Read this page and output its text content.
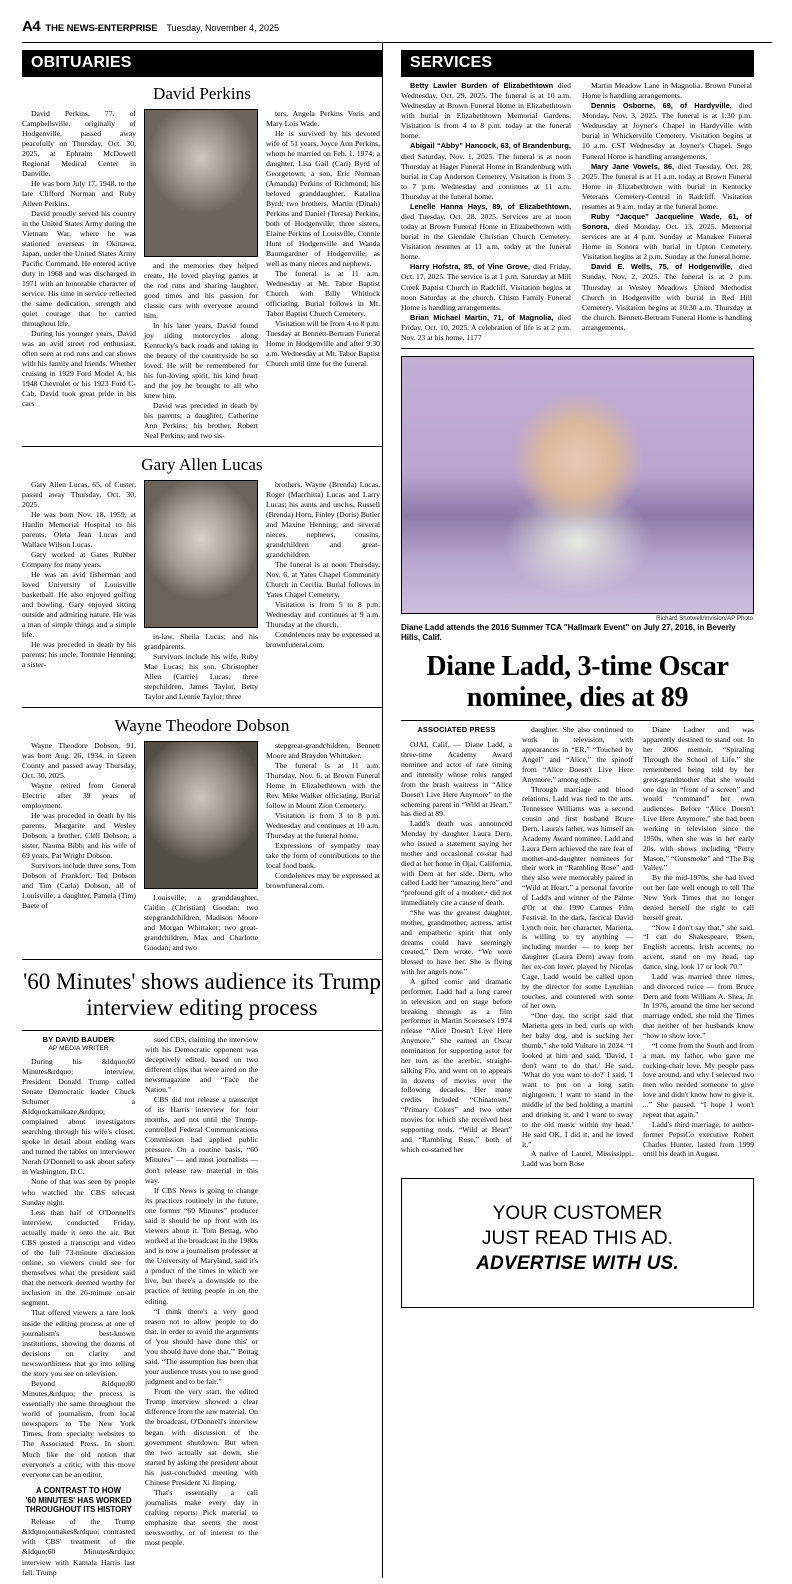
A4 THE NEWS-ENTERPRISE Tuesday, November 4, 2025
OBITUARIES
David Perkins

David Perkins, 77, of Campbellsville, originally of Hodgenville, passed away peacefully on Thursday, Oct. 30, 2025, at Ephraim McDowell Regional Medical Center in Danville.

He was born July 17, 1948, to the late Clifford Norman and Ruby Aileen Perkins.

David proudly served his country in the United States Army during the Vietnam War, where he was stationed overseas in Okinawa, Japan, under the United States Army Pacific Command. He entered active duty in 1968 and was discharged in 1971 with an honorable character of service. His time in service reflected the same dedication, strength and quiet courage that he carried throughout life.

During his younger years, David was an avid street rod enthusiast, often seen at rod runs and car shows with his family and friends. Whether cruising in 1929 Ford Model A, his 1948 Chevrolet or his 1923 Ford C-Cab, David took great pride in his cars

and the memories they helped create. He loved playing games at the rod runs and sharing laughter, good times and his passion for classic cars with everyone around him.

In his later years, David found joy riding motorcycles along Kentucky's back roads and taking in the beauty of the countryside he so loved. He will be remembered for his fun-loving spirit, his kind heart and the joy he brought to all who knew him.

David was preceded in death by his parents; a daughter, Catherine Ann Perkins; his brother, Robert Neal Perkins; and two sis-

ters, Angela Perkins Voris and Mary Lois Wade.

He is survived by his devoted wife of 51 years, Joyce Ann Perkins, whom he married on Feb. 1, 1974; a daughter, Lisa Gail (Carl) Byrd of Georgetown; a son, Eric Norman (Amanda) Perkins of Richmond; his beloved granddaughter, Katalina Byrd; two brothers, Martin (Dinah) Perkins and Daniel (Teresa) Perkins, both of Hodgenville; three sisters, Elaine Perkins of Louisville, Connie Hunt of Hodgenville and Wanda Baumgardner of Hodgenville; as well as many nieces and nephews.

The funeral is at 11 a.m. Wednesday at Mt. Tabor Baptist Church with Billy Whitlock officiating. Burial follows in Mt. Tabor Baptist Church Cemetery.

Visitation will be from 4 to 8 p.m. Tuesday at Bennett-Bertram Funeral Home in Hodgenville and after 9:30 a.m. Wednesday at Mt. Tabor Baptist Church until time for the funeral.

Gary Allen Lucas

Gary Allen Lucas, 65, of Custer, passed away Thursday, Oct. 30, 2025.

He was born Nov. 18, 1959, at Hardin Memorial Hospital to his parents, Oleta Jean Lucas and Wallace Wilson Lucas.

Gary worked at Gates Rubber Company for many years.

He was an avid fisherman and loved University of Louisville basketball. He also enjoyed golfing and bowling. Gary enjoyed sitting outside and admiring nature. He was a man of simple things and a simple life.

He was preceded in death by his parents; his uncle, Tommie Henning; a sister-

in-law, Sheila Lucas; and his grandparents.

Survivors include his wife, Ruby Mae Lucas; his son, Christopher Allen (Carrie) Lucas; three stepchildren, James Taylor, Betty Taylor and Lennie Taylor; three

brothers, Wayne (Brenda) Lucas, Roger (Marchitta) Lucas and Larry Lucas; his aunts and uncles, Russell (Brenda) Horn, Finley (Doris) Butler and Maxine Henning; and several nieces, nephews, cousins, grandchildren and great-grandchildren.

The funeral is at noon Thursday, Nov. 6, at Yates Chapel Community Church in Cecilia. Burial follows in Yates Chapel Cemetery.

Visitation is from 5 to 8 p.m. Wednesday and continues at 9 a.m. Thursday at the church.

Condolences may be expressed at brownfuneral.com.

Wayne Theodore Dobson

Wayne Theodore Dobson, 91, was born Aug. 26, 1934, in Green County and passed away Thursday, Oct. 30, 2025.

Wayne retired from General Electric after 39 years of employment.

He was preceded in death by his parents, Margarite and Wesley Dobson; a brother, Clell Dobson; a sister, Naoma Bibb; and his wife of 69 years, Pat Wright Dobson.

Survivors include three sons, Tom Dobson of Frankfort, Ted Dobson and Tim (Carla) Dobson, all of Louisville; a daughter, Pamela (Tim) Baete of

Louisville; a granddaughter, Caitlin (Christian) Goodan; two stepgrandchildren, Madison Moore and Morgan Whittaker; two great-grandchildren, Max and Charlotte Goodan; and two

stepgreat-grandchildren, Bennett Moore and Brayden Whittaker.

The funeral is at 11 a.m. Thursday, Nov. 6, at Brown Funeral Home in Elizabethtown with the Rev. Mike Walker officiating. Burial follow in Mount Zion Cemetery.

Visitation is from 3 to 8 p.m. Wednesday and continues at 10 a.m. Thursday at the funeral home.

Expressions of sympathy may take the form of contributions to the local food bank.

Condolences may be expressed at brownfuneral.com.

'60 Minutes' shows audience its Trump interview editing process
BY DAVID BAUDER
AP MEDIA WRITER

During his &ldquo;60 Minutes&rdquo; interview, President Donald Trump called Senate Democratic leader Chuck Schumer a &ldquo;kamikaze,&rdquo; complained about investigators searching through his wife's closet, spoke in detail about ending wars and turned the tables on interviewer Norah O'Donnell to ask about safety in Washington, D.C.

None of that was seen by people who watched the CBS telecast Sunday night.

Less than half of O'Donnell's interview, conducted Friday, actually made it onto the air. But CBS posted a transcript and video of the full 73-minute discussion online, so viewers could see for themselves what the president said that the network deemed worthy for inclusion in the 26-minute on-air segment.

That offered viewers a rare look inside the editing process at one of journalism's best-known institutions, showing the dozens of decisions on clarity and newsworthiness that go into telling the story you see on television.

Beyond &ldquo;60 Minutes,&rdquo; the process is essentially the same throughout the world of journalism, from local newspapers to The New York Times, from specialty websites to The Associated Press. In short: Much like the old notion that everyone's a critic, with this move everyone can be an editor.

A CONTRAST TO HOW
'60 MINUTES' HAS WORKED
THROUGHOUT ITS HISTORY

Release of the Trump &ldquo;outtakes&rdquo; contrasted with CBS' treatment of the &ldquo;60 Minutes&rdquo; interview with Kamala Harris last fall. Trump

sued CBS, claiming the interview with his Democratic opponent was deceptively edited, based on two different clips that were aired on the newsmagazine and “Face the Nation.”

CBS did not release a transcript of its Harris interview for four months, and not until the Trump-controlled Federal Communications Commission had applied public pressure. On a routine basis, “60 Minutes” — and most journalists — don't release raw material in this way.

If CBS News is going to change its practices routinely in the future, one former “60 Minutes” producer said it should be up front with its viewers about it. Tom Bettag, who worked at the broadcast in the 1980s and is now a journalism professor at the University of Maryland, said it's a product of the times in which we live, but there's a downside to the practice of letting people in on the editing.

“I think there's a very good reason not to allow people to do that, in order to avoid the arguments of 'you should have done this' or 'you should have done that,'” Bettag said. “The assumption has been that your audience trusts you to use good judgment and to be fair.”

From the very start, the edited Trump interview showed a clear difference from the raw material. On the broadcast, O'Donnell's interview began with discussion of the government shutdown. But when the two actually sat down, she started by asking the president about his just-concluded meeting with Chinese President Xi Jinping.

That's essentially a call journalists make every day in crafting reports: Pick material to emphasize that seems the most newsworthy, or of interest to the most people.

SERVICES

Betty Lawler Burden of Elizabethtown died Wednesday, Oct. 29, 2025. The funeral is at 10 a.m. Wednesday at Brown Funeral Home in Elizabethtown with burial in Elizabethtown Memorial Gardens. Visitation is from 4 to 8 p.m. today at the funeral home.

Abigail “Abby” Hancock, 63, of Brandenburg, died Saturday, Nov. 1, 2025. The funeral is at noon Thursday at Hager Funeral Home in Brandenburg with burial in Cap Anderson Cemetery. Visitation is from 3 to 7 p.m. Wednesday and continues at 11 a.m. Thursday at the funeral home.

Lenelle Hanna Hays, 89, of Elizabethtown, died Tuesday, Oct. 28, 2025. Services are at noon today at Brown Funeral Home in Elizabethtown with burial in the Glendale Christian Church Cemetery. Visitation resumes at 11 a.m. today at the funeral home.

Harry Hofstra, 85, of Vine Grove, died Friday, Oct. 17, 2025. The service is at 1 p.m. Saturday at Mill Creek Baptist Church in Radcliff. Visitation begins at noon Saturday at the church. Chism Family Funeral Home is handling arrangements.

Brian Michael Martin, 71, of Magnolia, died Friday, Oct. 10, 2025. A celebration of life is at 2 p.m. Nov. 23 at his home, 1177

Martin Meadow Lane in Magnolia. Brown Funeral Home is handling arrangements.

Dennis Osborne, 69, of Hardyville, died Monday, Nov. 3, 2025. The funeral is at 1:30 p.m. Wednesday at Joyner's Chapel in Hardyville with burial in Whickerville Cemetery. Visitation begins at 10 a.m. CST Wednesday at Joyner's Chapel. Sego Funeral Home is handling arrangements.

Mary Jane Vowels, 86, died Tuesday, Oct. 28, 2025. The funeral is at 11 a.m. today at Brown Funeral Home in Elizabethtown with burial in Kentucky Veterans Cemetery-Central in Radcliff. Visitation resumes at 9 a.m. today at the funeral home.

Ruby “Jacque” Jacqueline Wade, 61, of Sonora, died Monday, Oct. 13, 2025. Memorial services are at 4 p.m. Sunday at Manakee Funeral Home in Sonora with burial in Upton Cemetery. Visitation begins at 2 p.m. Sunday at the funeral home.

David E. Wells, 75, of Hodgenville, died Sunday, Nov. 2, 2025. The funeral is at 2 p.m. Thursday at Wesley Meadows United Methodist Church in Hodgenville with burial in Red Hill Cemetery. Visitation begins at 10:30 a.m. Thursday at the church. Bennett-Bertram Funeral Home is handling arrangements.

Richard Shotwell/Invision/AP Photo
Diane Ladd attends the 2016 Summer TCA "Hallmark Event" on July 27, 2016, in Beverly Hills, Calif.
Diane Ladd, 3-time Oscar nominee, dies at 89
ASSOCIATED PRESS

OJAI, Calif. — Diane Ladd, a three-time Academy Award nominee and actor of rare timing and intensity whose roles ranged from the brash waitress in “Alice Doesn't Live Here Anymore” to the scheming parent in “Wild at Heart,” has died at 89.

Ladd's death was announced Monday by daughter Laura Dern, who issued a statement saying her mother and occasional co-star had died at her home in Ojai, California, with Dern at her side. Dern, who called Ladd her “amazing hero” and “profound gift of a mother,• did not immediately cite a cause of death.

“She was the greatest daughter, mother, grandmother, actress, artist and empathetic spirit that only dreams could have seemingly created,” Dern wrote. “We were blessed to have her. She is flying with her angels now.”

A gifted comic and dramatic performer, Ladd had a long career in television and on stage before breaking through as a film performer in Martin Scorsese's 1974 release “Alice Doesn't Live Here Anymore.” She earned an Oscar nomination for supporting actor for her turn as the acerbic, straight-talking Flo, and went on to appears in dozens of movies over the following decades. Her many credits included “Chinatown,” “Primary Colors” and two other movies for which she received best supporting nods, “Wild at Heart” and “Rambling Rose,” both of which co-starred her

daughter. She also continued to work in television, with appearances in “ER,” “Touched by Angel” and “Alice,” the spinoff from “Alice Doesn't Live Here Anymore,” among others.

Through marriage and blood relations, Ladd was tied to the arts. Tennessee Williams was a second cousin and first husband Bruce Dern, Laura's father, was himself an Academy Award nominee. Ladd and Laura Dern achieved the rare feat of mother-and-daughter nominees for their work in “Rambling Rose” and they also were memorably paired in “Wild at Heart,” a personal favorite of Ladd's and winner of the Palme d'Or at the 1990 Cannes Film Festival. In the dark, farcical David Lynch noir, her character, Marietta, is willing to try anything — including murder — to keep her daughter (Laura Dern) away from her ex-con lover, played by Nicolas Cage. Ladd would be called upon by the director for some Lynchian touches, and countered with some of her own.

“One day, the script said that Marietta gets in bed, curls up with her baby dog, and is sucking her thumb,” she told Vulture in 2024. “I looked at him and said, 'David, I don't want to do that.' He said, 'What do you want to do?' I said, 'I want to put on a long satin nightgown, I want to stand in the middle of the bed holding a martini and drinking it, and I want to sway to the old music within my head.' He said OK, I did it, and he loved it.”

A native of Laurel, Mississippi, Ladd was born Rose

Diane Ladner and was apparently destined to stand out. In her 2006 memoir, “Spiraling Through the School of Life,” she remembered being told by her great-grandmother that she would one day in “front of a screen” and would “command” her own audiences. Before “Alice Doesn't Live Here Anymore,” she had been working in television since the 1950s, when she was in her early 20s, with shows including “Perry Mason,” “Gunsmoke” and “The Big Valley.”

By the mid-1970s, she had lived out her fate well enough to tell The New York Times that no longer denied herself the right to call herself great.

“Now I don't say that,” she said. “I can do Shakespeare, Ibsen, English accents, Irish accents, no accent, stand on my head, tap dance, sing, look 17 or look 70.”

Ladd was married three times, and divorced twice — from Bruce Dern and from William A. Shea, Jr. In 1976, around the time her second marriage ended, she told the Times that neither of her husbands knew “how to show love.”

“I come from the South and from a man, my father, who gave me rocking-chair love. My people pass love around, and why I selected two men who needed someone to give love and didn't know how to give it. ...” She paused. “I hope I won't repeat that again.”

Ladd's third marriage, to author-former PepsiCo executive Robert Charles Hunter, lasted from 1999 until his death in August.

YOUR CUSTOMER
JUST READ THIS AD.
ADVERTISE WITH US.
